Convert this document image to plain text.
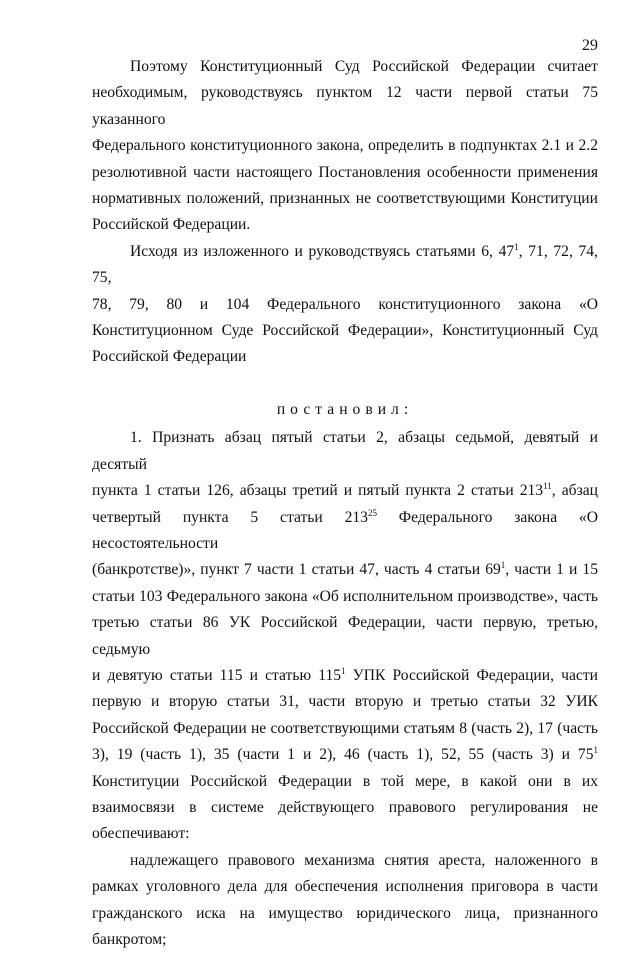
29
Поэтому Конституционный Суд Российской Федерации считает
необходимым, руководствуясь пунктом 12 части первой статьи 75 указанного
Федерального конституционного закона, определить в подпунктах 2.1 и 2.2
резолютивной части настоящего Постановления особенности применения
нормативных положений, признанных не соответствующими Конституции
Российской Федерации.
Исходя из изложенного и руководствуясь статьями 6, $47^1$, 71, 72, 74, 75,
78, 79, 80 и 104 Федерального конституционного закона «О
Конституционном Суде Российской Федерации», Конституционный Суд
Российской Федерации
постановил:
1. Признать абзац пятый статьи 2, абзацы седьмой, девятый и десятый
пункта 1 статьи 126, абзацы третий и пятый пункта 2 статьи $213^{11}$, абзац
четвертый пункта 5 статьи $213^{25}$ Федерального закона «О несостоятельности
(банкротстве)», пункт 7 части 1 статьи 47, часть 4 статьи $69^1$, части 1 и 15
статьи 103 Федерального закона «Об исполнительном производстве», часть
третью статьи 86 УК Российской Федерации, части первую, третью, седьмую
и девятую статьи 115 и статью $115^1$ УПК Российской Федерации, части
первую и вторую статьи 31, части вторую и третью статьи 32 УИК
Российской Федерации не соответствующими статьям 8 (часть 2), 17 (часть
3), 19 (часть 1), 35 (части 1 и 2), 46 (часть 1), 52, 55 (часть 3) и $75^1$
Конституции Российской Федерации в той мере, в какой они в их
взаимосвязи в системе действующего правового регулирования не
обеспечивают:
надлежащего правового механизма снятия ареста, наложенного в
рамках уголовного дела для обеспечения исполнения приговора в части
гражданского иска на имущество юридического лица, признанного
банкротом;
